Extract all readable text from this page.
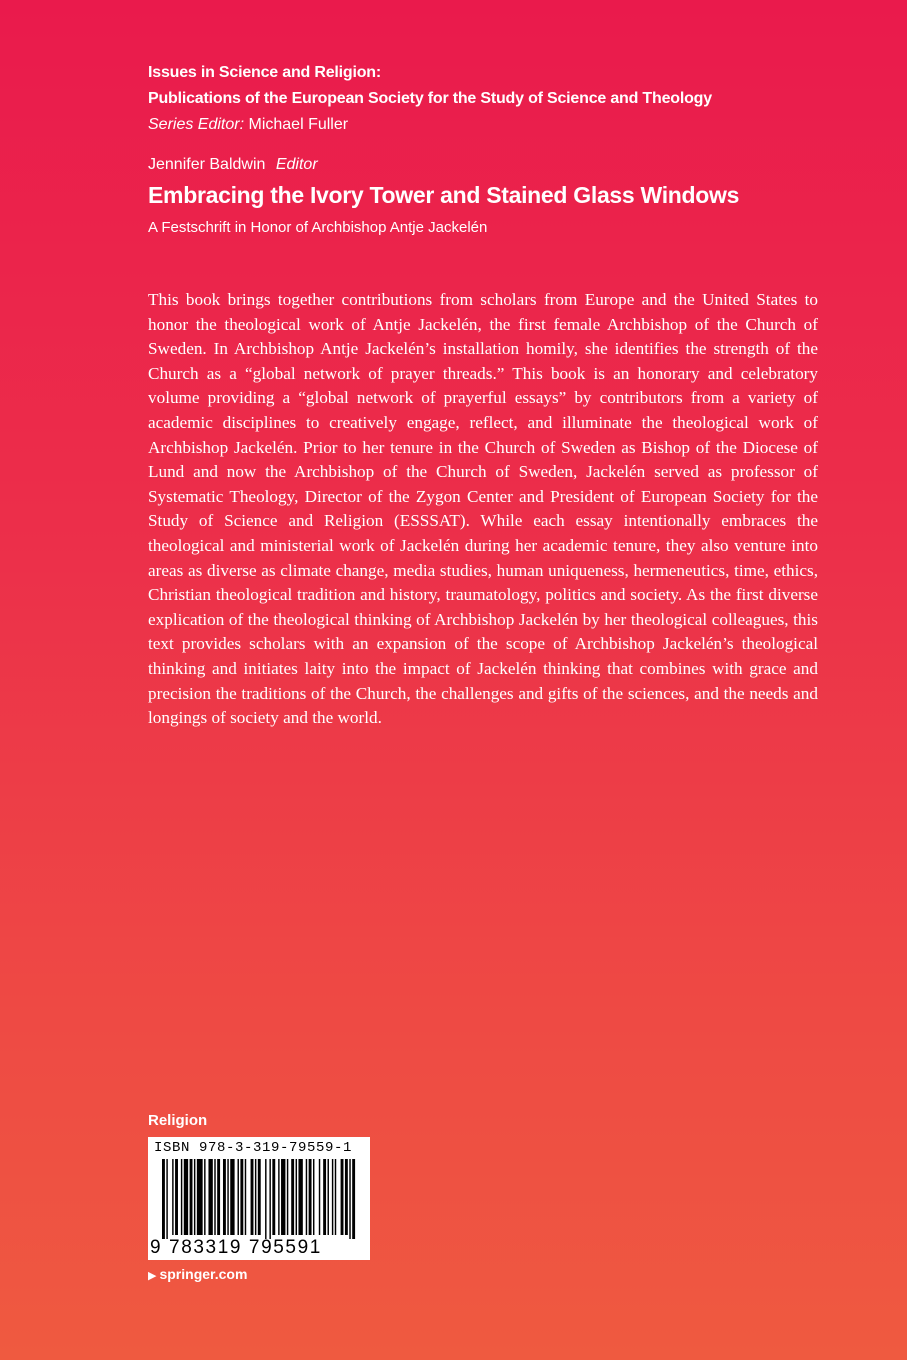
Issues in Science and Religion:
Publications of the European Society for the Study of Science and Theology
Series Editor: Michael Fuller
Jennifer Baldwin Editor
Embracing the Ivory Tower and Stained Glass Windows
A Festschrift in Honor of Archbishop Antje Jackelén
This book brings together contributions from scholars from Europe and the United States to honor the theological work of Antje Jackelén, the first female Archbishop of the Church of Sweden. In Archbishop Antje Jackelén’s installation homily, she identifies the strength of the Church as a “global network of prayer threads.” This book is an honorary and celebratory volume providing a “global network of prayerful essays” by contributors from a variety of academic disciplines to creatively engage, reflect, and illuminate the theological work of Archbishop Jackelén. Prior to her tenure in the Church of Sweden as Bishop of the Diocese of Lund and now the Archbishop of the Church of Sweden, Jackelén served as professor of Systematic Theology, Director of the Zygon Center and President of European Society for the Study of Science and Religion (ESSSAT). While each essay intentionally embraces the theological and ministerial work of Jackelén during her academic tenure, they also venture into areas as diverse as climate change, media studies, human uniqueness, hermeneutics, time, ethics, Christian theological tradition and history, traumatology, politics and society. As the first diverse explication of the theological thinking of Archbishop Jackelén by her theological colleagues, this text provides scholars with an expansion of the scope of Archbishop Jackelén’s theological thinking and initiates laity into the impact of Jackelén thinking that combines with grace and precision the traditions of the Church, the challenges and gifts of the sciences, and the needs and longings of society and the world.
Religion
ISBN 978-3-319-79559-1
9 783319 795591
▶ springer.com
